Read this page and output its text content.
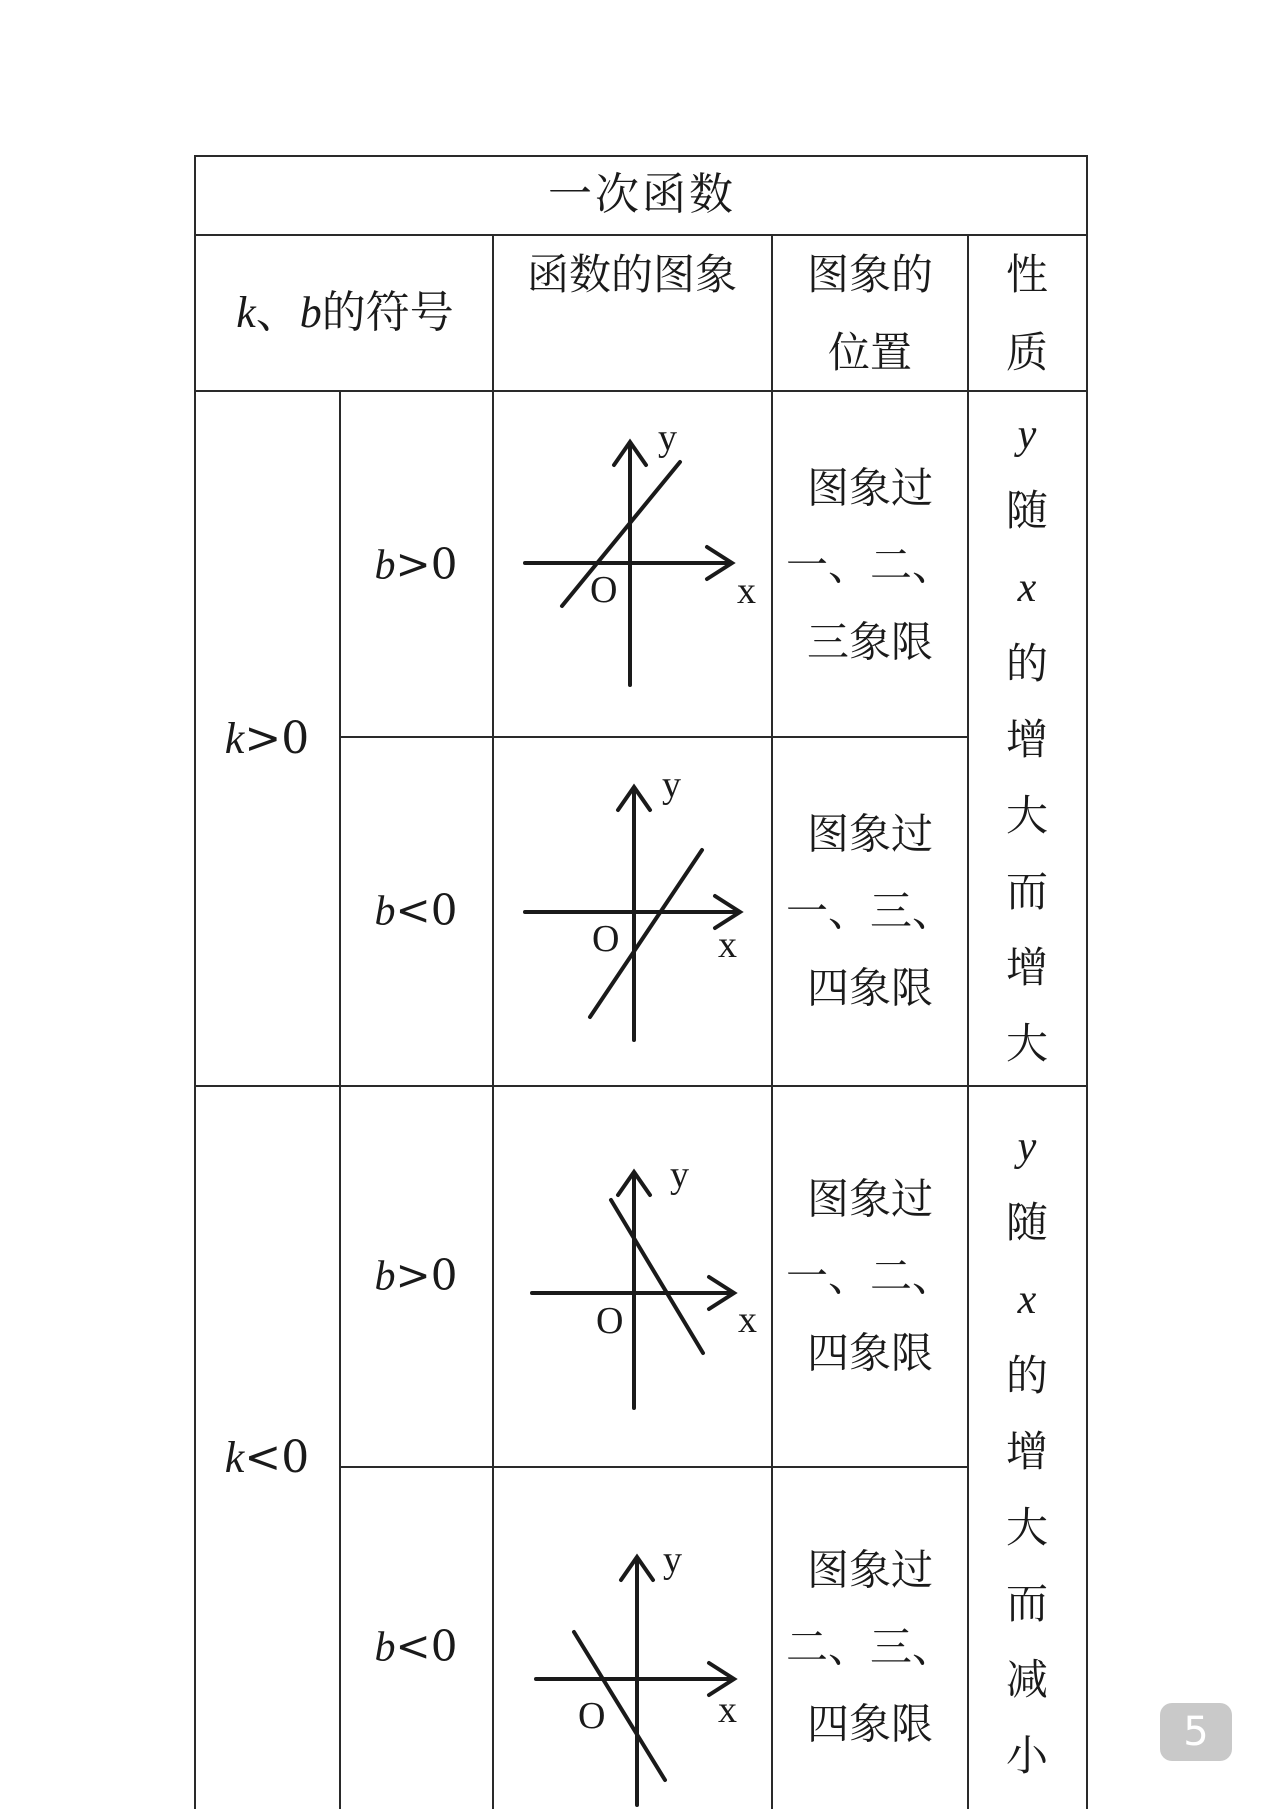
一次函数
k、b的符号
函数的图象 图象的
位置
性
质
k>0
k<0
b>0
b<0
b>0
b<0
图象过
一、二、
三象限
图象过
一、三、
四象限
图象过
一、二、
四象限
图象过
二、三、
四象限
y
随
x
的
增
大
而
增
大
y
随
x
的
增
大
而
减
小
y
x
O
y
x
O
y
x
O
y
x
O	5
